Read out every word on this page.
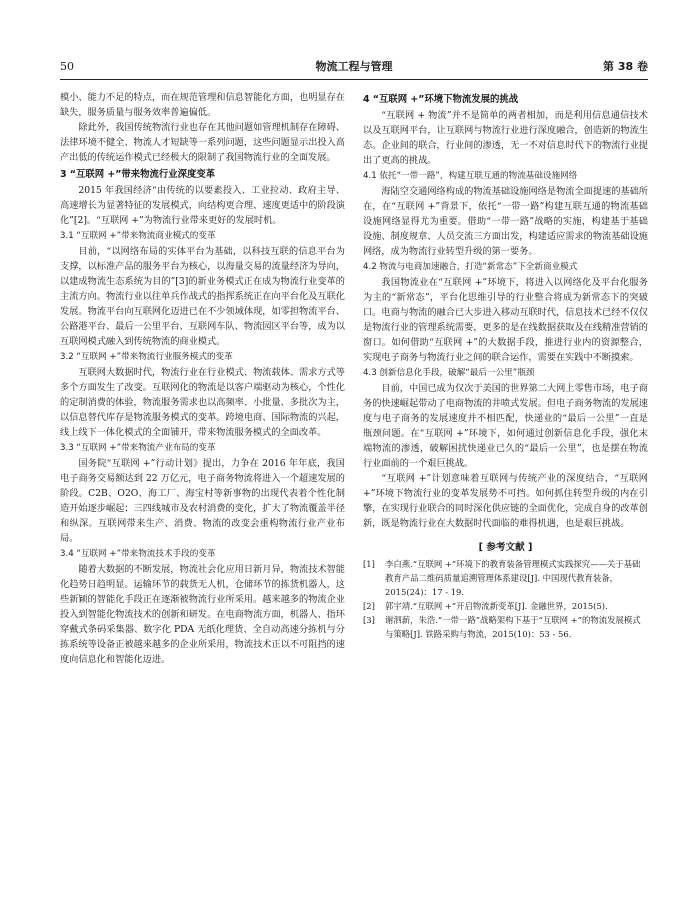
50	物流工程与管理	第 38 卷

模小、能力不足的特点，而在规范管理和信息智能化方面，也明显存在缺失，服务质量与服务效率普遍偏低。

除此外，我国传统物流行业也存在其他问题如管理机制存在障碍、法律环境不健全、物流人才短缺等一系列问题，这些问题显示出投入高产出低的传统运作模式已经极大的限制了我国物流行业的全面发展。

3 “互联网 +”带来物流行业深度变革

2015 年我国经济“由传统的以要素投入、工业拉动、政府主导、高速增长为显著特征的发展模式，向结构更合理、速度更适中的阶段演化”[2]。“互联网 +”为物流行业带来更好的发展时机。

3.1 “互联网 +”带来物流商业模式的变革

目前，“以网络布局的实体平台为基础，以科技互联的信息平台为支撑，以标准产品的服务平台为核心，以海量交易的流量经济为导向，以建成物流生态系统为目的”[3]的新业务模式正在成为物流行业变革的主流方向。物流行业以往单兵作战式的指挥系统正在向平台化及互联化发展。物流平台向互联网化迈进已在不少领域体现，如零担物流平台、公路港平台、最后一公里平台、互联网车队、物流园区平台等，成为以互联网模式融入到传统物流的商业模式。

3.2 “互联网 +”带来物流行业服务模式的变革

互联网大数据时代，物流行业在行业模式、物流载体、需求方式等多个方面发生了改变。互联网化的物流是以客户端驱动为核心，个性化的定制消费的体验，物流服务需求也以高频率、小批量、多批次为主，以信息替代库存是物流服务模式的变革。跨境电商、国际物流的兴起，线上线下一体化模式的全面铺开，带来物流服务模式的全面改革。

3.3 “互联网 +”带来物流产业布局的变革

国务院“互联网 +”行动计划》提出，力争在 2016 年年底，我国电子商务交易额达到 22 万亿元，电子商务物流将进入一个超速发展的阶段。C2B、O2O、海工厂、海宝村等新事物的出现代表着个性化制造开始逐步崛起；三四线城市及农村消费的变化，扩大了物流覆盖半径和纵深。互联网带来生产、消费、物流的改变会重构物流行业产业布局。

3.4 “互联网 +”带来物流技术手段的变革

随着大数据的不断发展，物流社会化应用日新月异，物流技术智能化趋势日趋明显。运输环节的载货无人机，仓储环节的拣货机器人，这些新颖的智能化手段正在逐渐被物流行业所采用。越来越多的物流企业投入到智能化物流技术的创新和研发。在电商物流方面，机器人、指环穿戴式条码采集器、数字化 PDA 无纸化理货、全自动高速分拣机与分拣系统等设备正被越来越多的企业所采用，物流技术正以不可阻挡的速度向信息化和智能化迈进。

4 “互联网 +”环境下物流发展的挑战

“互联网 + 物流”并不是简单的两者相加，而是利用信息通信技术以及互联网平台，让互联网与物流行业进行深度融合，创造新的物流生态。企业间的联合，行业间的渗透，无一不对信息时代下的物流行业提出了更高的挑战。

4.1 依托“一带一路”，构建互联互通的物流基础设施网络

海陆空交通网络构成的物流基础设施网络是物流全面提速的基础所在，在“互联网 +”背景下，依托“一带一路”构建互联互通的物流基础设施网络显得尤为重要。借助“一带一路”战略的实施，构建基于基础设施、制度规章、人员交流三方面出发，构建适应需求的物流基础设施网络，成为物流行业转型升级的第一要务。

4.2 物流与电商加速融合，打造“新常态”下全新商业模式

我国物流业在“互联网 +”环境下，将进入以网络化及平台化服务为主的“新常态”，平台化思维引导的行业整合将成为新常态下的突破口。电商与物流的融合已大步进入移动互联时代，信息技术已经不仅仅是物流行业的管理系统需要，更多的是在线数据获取及在线精准营销的窗口。如何借助“互联网 +”的大数据手段，推进行业内的资源整合，实现电子商务与物流行业之间的联合运作，需要在实践中不断摸索。

4.3 创新信息化手段，破解“最后一公里”瓶颈

目前，中国已成为仅次于美国的世界第二大网上零售市场，电子商务的快速崛起带动了电商物流的井喷式发展。但电子商务物流的发展速度与电子商务的发展速度并不相匹配，快递业的“最后一公里”一直是瓶颈问题。在“互联网 +”环境下，如何通过创新信息化手段，强化末端物流的渗透，破解困扰快递业已久的“最后一公里”，也是摆在物流行业面前的一个艰巨挑战。

“互联网 +”计划意味着互联网与传统产业的深度结合，“互联网 +”环境下物流行业的变革发展势不可挡。如何抓住转型升级的内在引擎，在实现行业联合的同时深化供应链的全面优化，完成自身的改革创新，既是物流行业在大数据时代面临的难得机遇，也是艰巨挑战。

[ 参考文献 ]
[1] 李白燕.“互联网 +”环境下的教育装备管理模式实践探究——关于基础教育产品二维码质量追溯管理体系建设[J]. 中国现代教育装备，2015(24)：17 - 19.
[2] 郭宇靖.“互联网 +”开启物流新变革[J]. 金融世界，2015(5).
[3] 谢泗薪，朱浩.“一带一路”战略架构下基于“互联网 +”的物流发展模式与策略[J]. 铁路采购与物流，2015(10)：53 - 56.
